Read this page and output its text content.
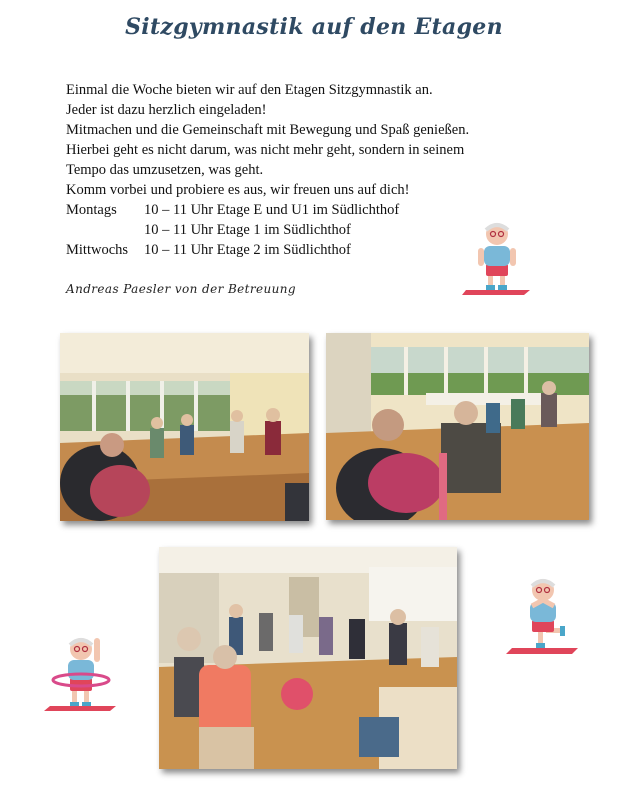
Sitzgymnastik auf den Etagen

Einmal die Woche bieten wir auf den Etagen Sitzgymnastik an.

Jeder ist dazu herzlich eingeladen!

Mitmachen und die Gemeinschaft mit Bewegung und Spaß genießen.

Hierbei geht es nicht darum, was nicht mehr geht, sondern in seinem

Tempo das umzusetzen, was geht.

Komm vorbei und probiere es aus, wir freuen uns auf dich!

Montags	10 – 11 Uhr
Etage E und U1 im Südlichthof
10 – 11 Uhr
Etage 1 im Südlichthof
Mittwochs	10 – 11 Uhr
Etage 2 im Südlichthof
Andreas Paesler von der Betreuung
